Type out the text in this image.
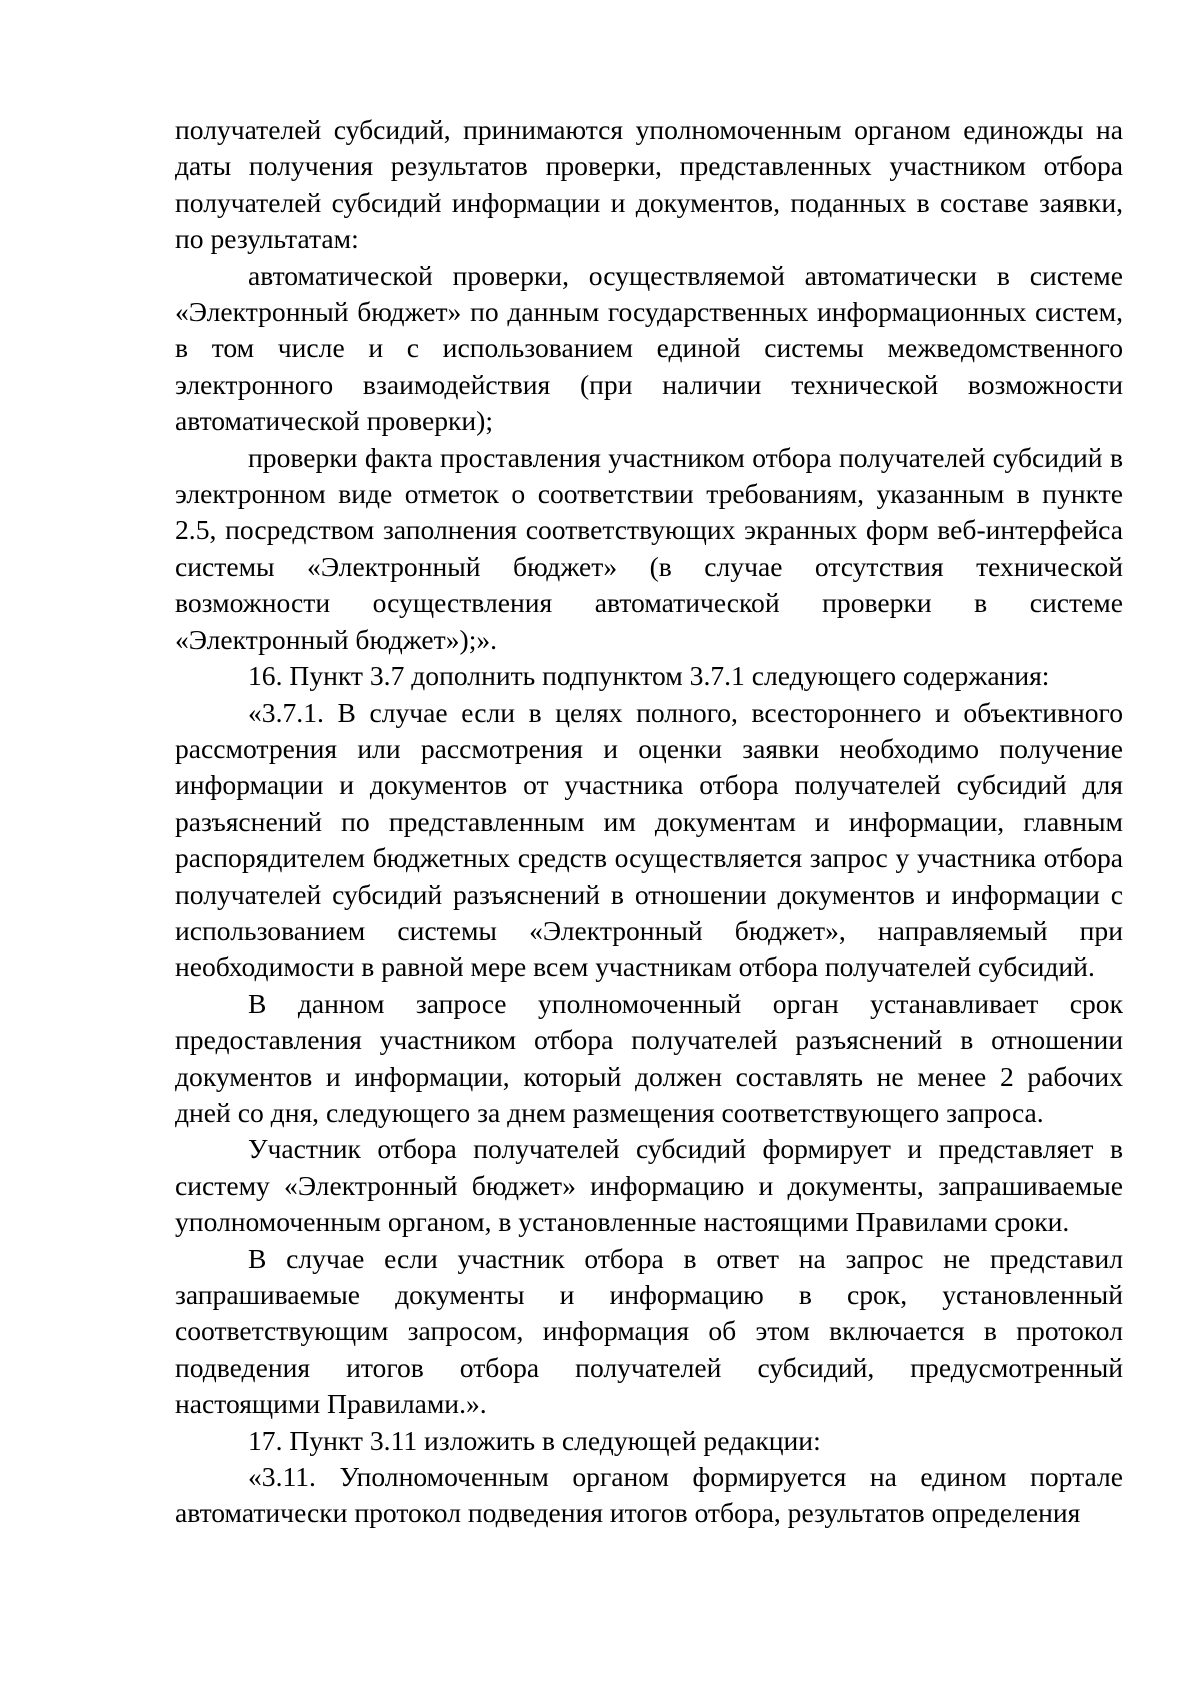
получателей субсидий, принимаются уполномоченным органом единожды на даты получения результатов проверки, представленных участником отбора получателей субсидий информации и документов, поданных в составе заявки, по результатам:

автоматической проверки, осуществляемой автоматически в системе «Электронный бюджет» по данным государственных информационных систем, в том числе и с использованием единой системы межведомственного электронного взаимодействия (при наличии технической возможности автоматической проверки);

проверки факта проставления участником отбора получателей субсидий в электронном виде отметок о соответствии требованиям, указанным в пункте 2.5, посредством заполнения соответствующих экранных форм веб-интерфейса системы «Электронный бюджет» (в случае отсутствия технической возможности осуществления автоматической проверки в системе «Электронный бюджет»);».

16. Пункт 3.7 дополнить подпунктом 3.7.1 следующего содержания:

«3.7.1. В случае если в целях полного, всестороннего и объективного рассмотрения или рассмотрения и оценки заявки необходимо получение информации и документов от участника отбора получателей субсидий для разъяснений по представленным им документам и информации, главным распорядителем бюджетных средств осуществляется запрос у участника отбора получателей субсидий разъяснений в отношении документов и информации с использованием системы «Электронный бюджет», направляемый при необходимости в равной мере всем участникам отбора получателей субсидий.

В данном запросе уполномоченный орган устанавливает срок предоставления участником отбора получателей разъяснений в отношении документов и информации, который должен составлять не менее 2 рабочих дней со дня, следующего за днем размещения соответствующего запроса.

Участник отбора получателей субсидий формирует и представляет в систему «Электронный бюджет» информацию и документы, запрашиваемые уполномоченным органом, в установленные настоящими Правилами сроки.

В случае если участник отбора в ответ на запрос не представил запрашиваемые документы и информацию в срок, установленный соответствующим запросом, информация об этом включается в протокол подведения итогов отбора получателей субсидий, предусмотренный настоящими Правилами.».

17. Пункт 3.11 изложить в следующей редакции:

«3.11. Уполномоченным органом формируется на едином портале автоматически протокол подведения итогов отбора, результатов определения
